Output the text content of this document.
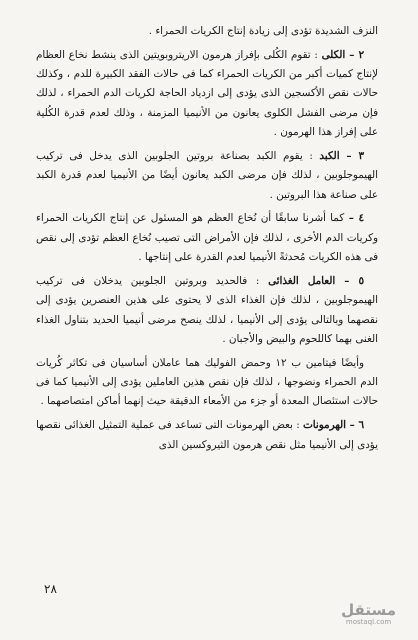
النزف الشديدة تؤدى إلى زيادة إنتاج الكريات الحمراء .

٢ – الكلى : تقوم الكُلى بإفراز هرمون الاريتروبويتين الذى ينشط نخاع العظام لإنتاج كميات أكبر من الكريات الحمراء كما فى حالات الفقد الكبيرة للدم ، وكذلك حالات نقص الأكسجين الذى يؤدى إلى ازدياد الحاجة لكريات الدم الحمراء ، لذلك فإن مرضى الفشل الكلوى يعانون من الأنيميا المزمنة ، وذلك لعدم قدرة الكُلية على إفراز هذا الهرمون .

٣ – الكبد : يقوم الكبد بصناعة بروتين الجلوبين الذى يدخل فى تركيب الهيموجلوبين ، لذلك فإن مرضى الكبد يعانون أيضًا من الأنيميا لعدم قدرة الكبد على صناعة هذا البروتين .

٤ – كما أشرنا سابقًا أن نُخاع العظم هو المسئول عن إنتاج الكريات الحمراء وكريات الدم الأخرى ، لذلك فإن الأمراض التى تصيب نُخاع العظم تؤدى إلى نقص فى هذه الكريات مُحدثةً الأنيميا لعدم القدرة على إنتاجها .

٥ – العامل الغذائى : فالحديد وبروتين الجلوبين يدخلان فى تركيب الهيموجلوبين ، لذلك فإن الغذاء الذى لا يحتوى على هذين العنصرين يؤدى إلى نقصهما وبالتالى يؤدى إلى الأنيميا ، لذلك ينصح مرضى أنيميا الحديد بتناول الغذاء الغنى بهما كاللحوم والبيض والأجبان .

وأيضًا فيتامين ب ١٢ وحمض الفوليك هما عاملان أساسيان فى تكاثر كُريات الدم الحمراء ونضوجها ، لذلك فإن نقص هذين العاملين يؤدى إلى الأنيميا كما فى حالات استئصال المعدة أو جزء من الأمعاء الدقيقة حيث إنهما أماكن امتصاصهما .

٦ – الهرمونات : بعض الهرمونات التى تساعد فى عملية التمثيل الغذائى نقصها يؤدى إلى الأنيميا مثل نقص هرمون الثيروكسين الذى

٢٨
مستقل
mostaql.com
